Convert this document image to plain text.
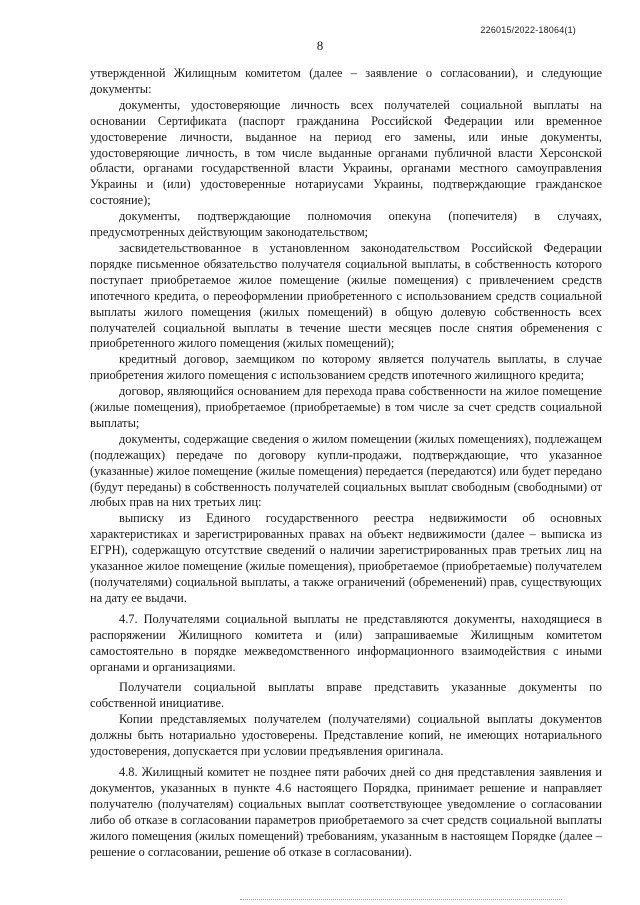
226015/2022-18064(1)
8

утвержденной Жилищным комитетом (далее – заявление о согласовании), и следующие документы:

документы, удостоверяющие личность всех получателей социальной выплаты на основании Сертификата (паспорт гражданина Российской Федерации или временное удостоверение личности, выданное на период его замены, или иные документы, удостоверяющие личность, в том числе выданные органами публичной власти Херсонской области, органами государственной власти Украины, органами местного самоуправления Украины и (или) удостоверенные нотариусами Украины, подтверждающие гражданское состояние);

документы, подтверждающие полномочия опекуна (попечителя) в случаях, предусмотренных действующим законодательством;

засвидетельствованное в установленном законодательством Российской Федерации порядке письменное обязательство получателя социальной выплаты, в собственность которого поступает приобретаемое жилое помещение (жилые помещения) с привлечением средств ипотечного кредита, о переоформлении приобретенного с использованием средств социальной выплаты жилого помещения (жилых помещений) в общую долевую собственность всех получателей социальной выплаты в течение шести месяцев после снятия обременения с приобретенного жилого помещения (жилых помещений);

кредитный договор, заемщиком по которому является получатель выплаты, в случае приобретения жилого помещения с использованием средств ипотечного жилищного кредита;

договор, являющийся основанием для перехода права собственности на жилое помещение (жилые помещения), приобретаемое (приобретаемые) в том числе за счет средств социальной выплаты;

документы, содержащие сведения о жилом помещении (жилых помещениях), подлежащем (подлежащих) передаче по договору купли-продажи, подтверждающие, что указанное (указанные) жилое помещение (жилые помещения) передается (передаются) или будет передано (будут переданы) в собственность получателей социальных выплат свободным (свободными) от любых прав на них третьих лиц:

выписку из Единого государственного реестра недвижимости об основных характеристиках и зарегистрированных правах на объект недвижимости (далее – выписка из ЕГРН), содержащую отсутствие сведений о наличии зарегистрированных прав третьих лиц на указанное жилое помещение (жилые помещения), приобретаемое (приобретаемые) получателем (получателями) социальной выплаты, а также ограничений (обременений) прав, существующих на дату ее выдачи.

4.7. Получателями социальной выплаты не представляются документы, находящиеся в распоряжении Жилищного комитета и (или) запрашиваемые Жилищным комитетом самостоятельно в порядке межведомственного информационного взаимодействия с иными органами и организациями.

Получатели социальной выплаты вправе представить указанные документы по собственной инициативе.

Копии представляемых получателем (получателями) социальной выплаты документов должны быть нотариально удостоверены. Представление копий, не имеющих нотариального удостоверения, допускается при условии предъявления оригинала.

4.8. Жилищный комитет не позднее пяти рабочих дней со дня представления заявления и документов, указанных в пункте 4.6 настоящего Порядка, принимает решение и направляет получателю (получателям) социальных выплат соответствующее уведомление о согласовании либо об отказе в согласовании параметров приобретаемого за счет средств социальной выплаты жилого помещения (жилых помещений) требованиям, указанным в настоящем Порядке (далее – решение о согласовании, решение об отказе в согласовании).
